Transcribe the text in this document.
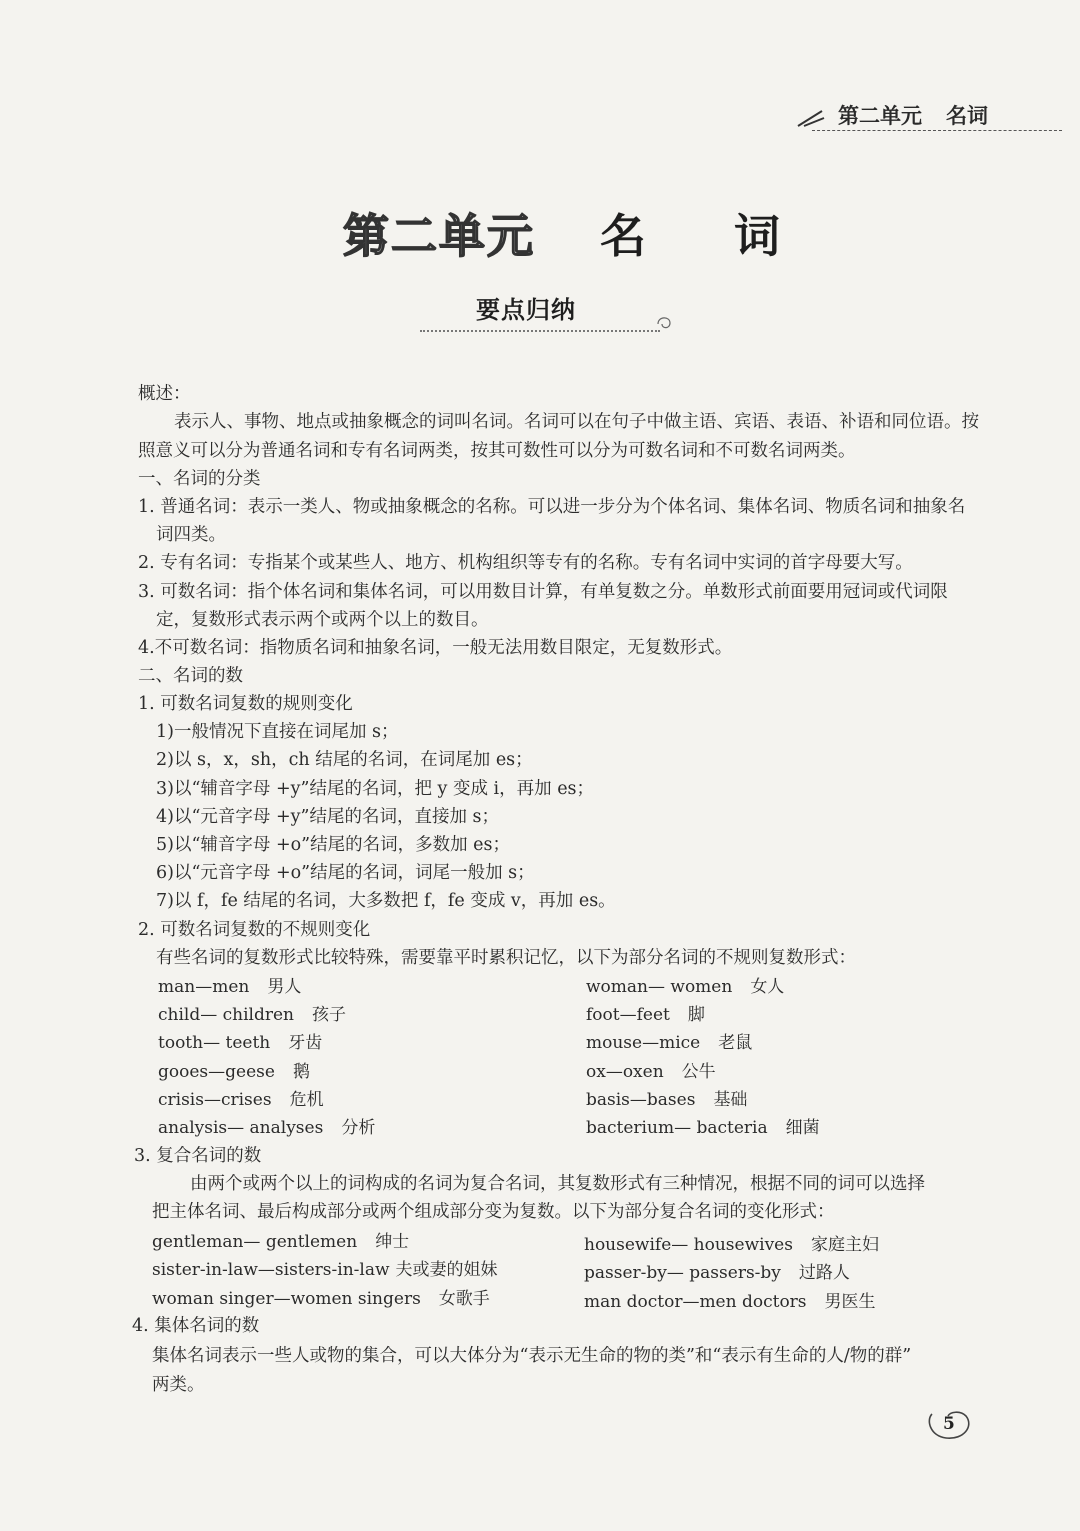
第二单元 名词
第二单元 名 词
要点归纳
概述：
表示人、事物、地点或抽象概念的词叫名词。名词可以在句子中做主语、宾语、表语、补语和同位语。按
照意义可以分为普通名词和专有名词两类，按其可数性可以分为可数名词和不可数名词两类。
一、名词的分类
1. 普通名词：表示一类人、物或抽象概念的名称。可以进一步分为个体名词、集体名词、物质名词和抽象名
词四类。
2. 专有名词：专指某个或某些人、地方、机构组织等专有的名称。专有名词中实词的首字母要大写。
3. 可数名词：指个体名词和集体名词，可以用数目计算，有单复数之分。单数形式前面要用冠词或代词限
定，复数形式表示两个或两个以上的数目。
4.不可数名词：指物质名词和抽象名词，一般无法用数目限定，无复数形式。
二、名词的数
1. 可数名词复数的规则变化
1)一般情况下直接在词尾加 s；
2)以 s，x，sh，ch 结尾的名词，在词尾加 es；
3)以“辅音字母 +y”结尾的名词，把 y 变成 i，再加 es；
4)以“元音字母 +y”结尾的名词，直接加 s；
5)以“辅音字母 +o”结尾的名词，多数加 es；
6)以“元音字母 +o”结尾的名词，词尾一般加 s；
7)以 f，fe 结尾的名词，大多数把 f，fe 变成 v，再加 es。
2. 可数名词复数的不规则变化
有些名词的复数形式比较特殊，需要靠平时累积记忆，以下为部分名词的不规则复数形式：
man—men 男人
child— children 孩子
tooth— teeth 牙齿
gooes—geese 鹅
crisis—crises 危机
analysis— analyses 分析
woman— women 女人
foot—feet 脚
mouse—mice 老鼠
ox—oxen 公牛
basis—bases 基础
bacterium— bacteria 细菌
3. 复合名词的数
由两个或两个以上的词构成的名词为复合名词，其复数形式有三种情况，根据不同的词可以选择
把主体名词、最后构成部分或两个组成部分变为复数。以下为部分复合名词的变化形式：
gentleman— gentlemen 绅士
sister-in-law—sisters-in-law 夫或妻的姐妹
woman singer—women singers 女歌手
housewife— housewives 家庭主妇
passer-by— passers-by 过路人
man doctor—men doctors 男医生
4. 集体名词的数
集体名词表示一些人或物的集合，可以大体分为“表示无生命的物的类”和“表示有生命的人/物的群”
两类。
5
